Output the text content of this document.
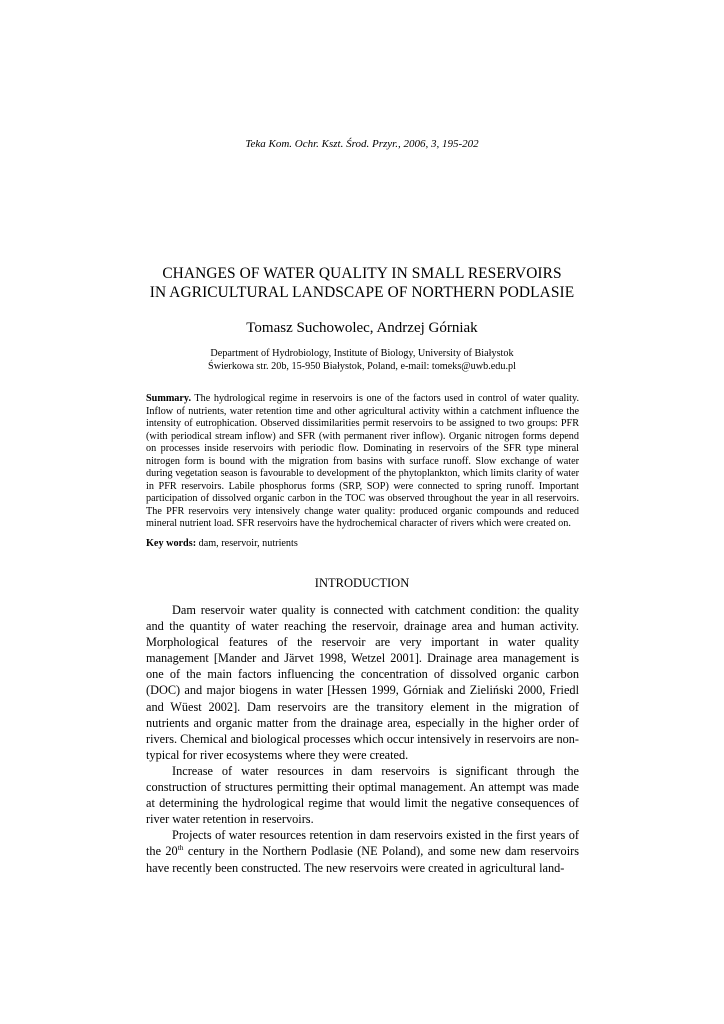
Teka Kom. Ochr. Kszt. Środ. Przyr., 2006, 3, 195-202
CHANGES OF WATER QUALITY IN SMALL RESERVOIRS
IN AGRICULTURAL LANDSCAPE OF NORTHERN PODLASIE
Tomasz Suchowolec, Andrzej Górniak
Department of Hydrobiology, Institute of Biology, University of Białystok
Świerkowa str. 20b, 15-950 Białystok, Poland, e-mail: tomeks@uwb.edu.pl

Summary. The hydrological regime in reservoirs is one of the factors used in control of water quality. Inflow of nutrients, water retention time and other agricultural activity within a catchment influence the intensity of eutrophication. Observed dissimilarities permit reservoirs to be assigned to two groups: PFR (with periodical stream inflow) and SFR (with permanent river inflow). Organic nitrogen forms depend on processes inside reservoirs with periodic flow. Dominating in reservoirs of the SFR type mineral nitrogen form is bound with the migration from basins with surface runoff. Slow exchange of water during vegetation season is favourable to development of the phytoplankton, which limits clarity of water in PFR reservoirs. Labile phosphorus forms (SRP, SOP) were connected to spring runoff. Important participation of dissolved organic carbon in the TOC was observed throughout the year in all reservoirs. The PFR reservoirs very intensively change water quality: produced organic compounds and reduced mineral nutrient load. SFR reservoirs have the hydrochemical character of rivers which were created on.

Key words: dam, reservoir, nutrients
INTRODUCTION

Dam reservoir water quality is connected with catchment condition: the quality and the quantity of water reaching the reservoir, drainage area and human activity. Morphological features of the reservoir are very important in water quality management [Mander and Järvet 1998, Wetzel 2001]. Drainage area management is one of the main factors influencing the concentration of dissolved organic carbon (DOC) and major biogens in water [Hessen 1999, Górniak and Zieliński 2000, Friedl and Wüest 2002]. Dam reservoirs are the transitory element in the migration of nutrients and organic matter from the drainage area, especially in the higher order of rivers. Chemical and biological processes which occur intensively in reservoirs are non-typical for river ecosystems where they were created.

Increase of water resources in dam reservoirs is significant through the construction of structures permitting their optimal management. An attempt was made at determining the hydrological regime that would limit the negative consequences of river water retention in reservoirs.

Projects of water resources retention in dam reservoirs existed in the first years of the 20th century in the Northern Podlasie (NE Poland), and some new dam reservoirs have recently been constructed. The new reservoirs were created in agricultural land-
